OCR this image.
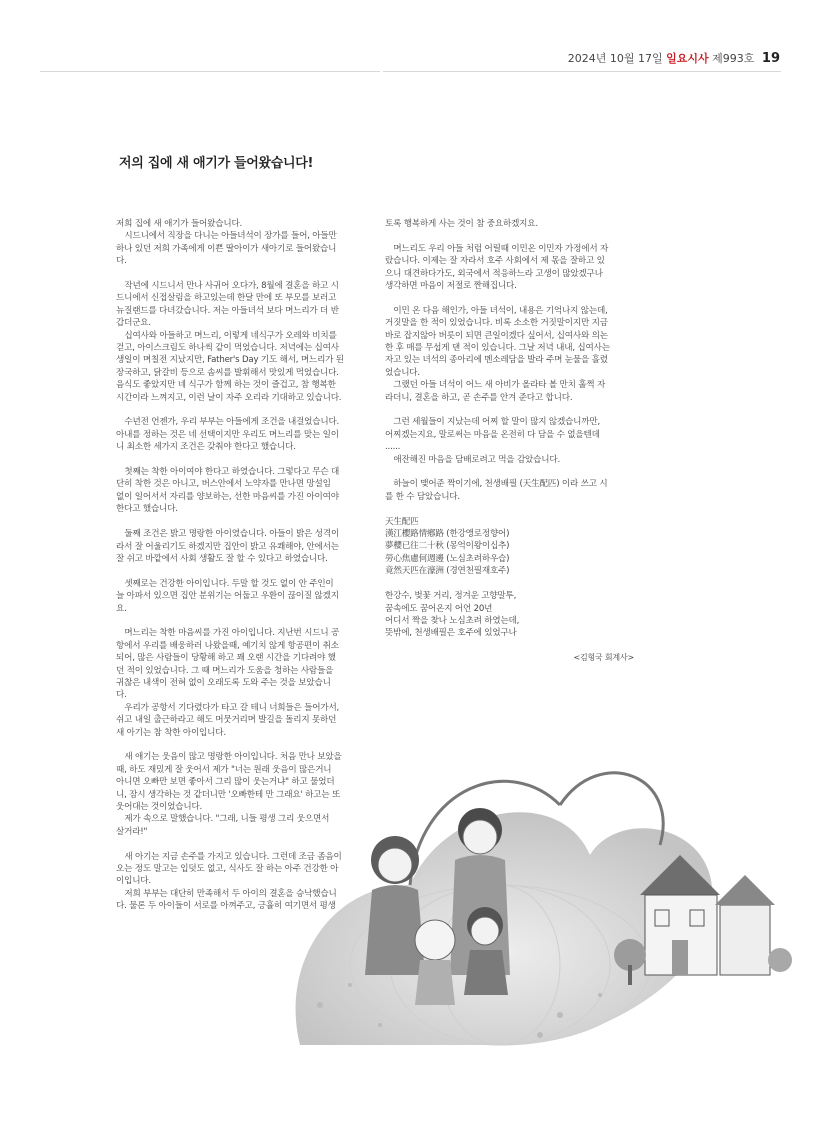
2024년 10월 17일 일요시사 제993호 19
저의 집에 새 애기가 들어왔습니다!

저희 집에 새 애기가 들어왔습니다.
　시드니에서 직장을 다니는 아들녀석이 장가를 들어, 아들만
하나 있던 저희 가족에게 이쁜 딸아이가 새아기로 들어왔습니
다.

　작년에 시드니서 만나 사귀어 오다가, 8월에 결혼을 하고 시
드니에서 신접살림을 하고있는데 한달 만에 또 부모를 보러고
뉴질랜드를 다녀갔습니다. 저는 아들녀석 보다 며느리가 더 반
갑더군요.
　십여사와 아들하고 며느리, 이렇게 네식구가 오레와 비치를
걷고, 아이스크림도 하나씩 같이 먹었습니다. 저녁에는 십여사
생일이 며칠전 지났지만, Father's Day 기도 해서, 며느리가 된
장국하고, 닭갈비 등으로 솜씨를 발휘해서 맛있게 먹었습니다.
음식도 좋았지만 네 식구가 함께 하는 것이 즐겁고, 참 행복한
시간이라 느껴지고, 이런 날이 자주 오리라 기대하고 있습니다.

　수년전 언젠가, 우리 부부는 아들에게 조건을 내걸었습니다.
아내를 정하는 것은 네 선택이지만 우리도 며느리를 맞는 일이
니 최소한 세가지 조건은 갖춰야 한다고 했습니다.

　첫째는 착한 아이여야 한다고 하였습니다. 그렇다고 무슨 대
단히 착한 것은 아니고, 버스안에서 노약자를 만나면 망설임
없이 일어서서 자리를 양보하는, 선한 마음씨를 가진 아이여야
한다고 했습니다.

　둘째 조건은 밝고 명랑한 아이였습니다. 아들이 밝은 성격이
라서 잘 어울리기도 하겠지만 집안이 밝고 유쾌해야, 안에서는
잘 쉬고 바깥에서 사회 생활도 잘 할 수 있다고 하였습니다.

　셋째로는 건강한 아이입니다. 두말 할 것도 없이 안 주인이
늘 아파서 있으면 집안 분위기는 어둡고 우환이 끊이질 않겠지
요.

　며느리는 착한 마음씨를 가진 아이입니다. 지난번 시드니 공
항에서 우리를 배웅하러 나왔을때, 예기치 않게 항공편이 취소
되어, 많은 사람들이 당황해 하고 꽤 오랜 시간을 기다려야 했
던 적이 있었습니다. 그 때 며느리가 도움을 청하는 사람들을
귀찮은 내색이 전혀 없이 오래도록 도와 주는 것을 보았습니
다.
　우리가 공항서 기다렸다가 타고 갈 테니 너희들은 들어가서,
쉬고 내일 출근하라고 해도 머뭇거리며 발길을 돌리지 못하던
새 아기는 참 착한 아이입니다.

　새 애기는 웃음이 많고 명랑한 아이입니다. 처음 만나 보았을
때, 하도 재밌게 잘 웃어서 제가 "너는 원래 웃음이 많은거니
아니면 오빠만 보면 좋아서 그리 많이 웃는거냐" 하고 물었더
니, 잠시 생각하는 것 같더니만 '오빠한테 만 그래요' 하고는 또
웃어대는 것이었습니다.
　제가 속으로 말했습니다. "그래, 니들 평생 그리 웃으면서
살거라!"

　새 아기는 지금 손주를 가지고 있습니다. 그런데 조금 좀음이
오는 정도 말고는 입덧도 없고, 식사도 잘 하는 아주 건강한 아
이입니다.
　저희 부부는 대단히 만족해서 두 아이의 결혼을 승낙했습니
다. 물론 두 아이들이 서로를 아껴주고, 긍휼히 여기면서 평생

토록 행복하게 사는 것이 참 중요하겠지요.

　며느리도 우리 아들 처럼 어릴때 이민온 이민자 가정에서 자
랐습니다. 이제는 잘 자라서 호주 사회에서 제 몫을 잘하고 있
으니 대견하다가도, 외국에서 적응하느라 고생이 많았겠구나
생각하면 마음이 저절로 짠해집니다.

　이민 온 다음 해인가, 아들 녀석이, 내용은 기억나지 않는데,
거짓말을 한 적이 있었습니다. 비록 소소한 거짓말이지만 지금
바로 잡지않아 버릇이 되면 큰일이겠다 싶어서, 십여사와 의논
한 후 매를 무섭게 댄 적이 있습니다. 그날 저녁 내내, 십여사는
자고 있는 녀석의 종아리에 멘소레담을 발라 주며 눈물을 흘렸
었습니다.
　그랬던 아들 녀석이 어느 새 아비가 올라타 볼 만치 훌쩍 자
라더니, 결혼을 하고, 곧 손주를 안겨 준다고 합니다.

　그런 세월들이 지났는데 어찌 할 말이 많지 않겠습니까만,
어찌겠는지요, 말로써는 마음을 온전히 다 담을 수 없을텐데
......
　애잔해진 마음을 담배로려고 먹을 감았습니다.

　하늘이 맺어준 짝이기에, 천생배필 (天生配匹) 이라 쓰고 시
를 한 수 담았습니다.

天生配匹
漢江櫻路情鄕路 (한강앵로정향어)
夢櫻已往二十秋 (몽억이왕이십추)
勞心焦慮何週邊 (노심초려하우습)
竟然天匹在濠洲 (경연천필재호주)

한강수, 벚꽃 거리, 정겨운 고향말투,
꿈속에도 꿈어온지 어언 20년
어디서 짝을 찾나 노심초려 하였는데,
뜻밖에, 천생배필은 호주에 있었구나
<김형국 회계사>
